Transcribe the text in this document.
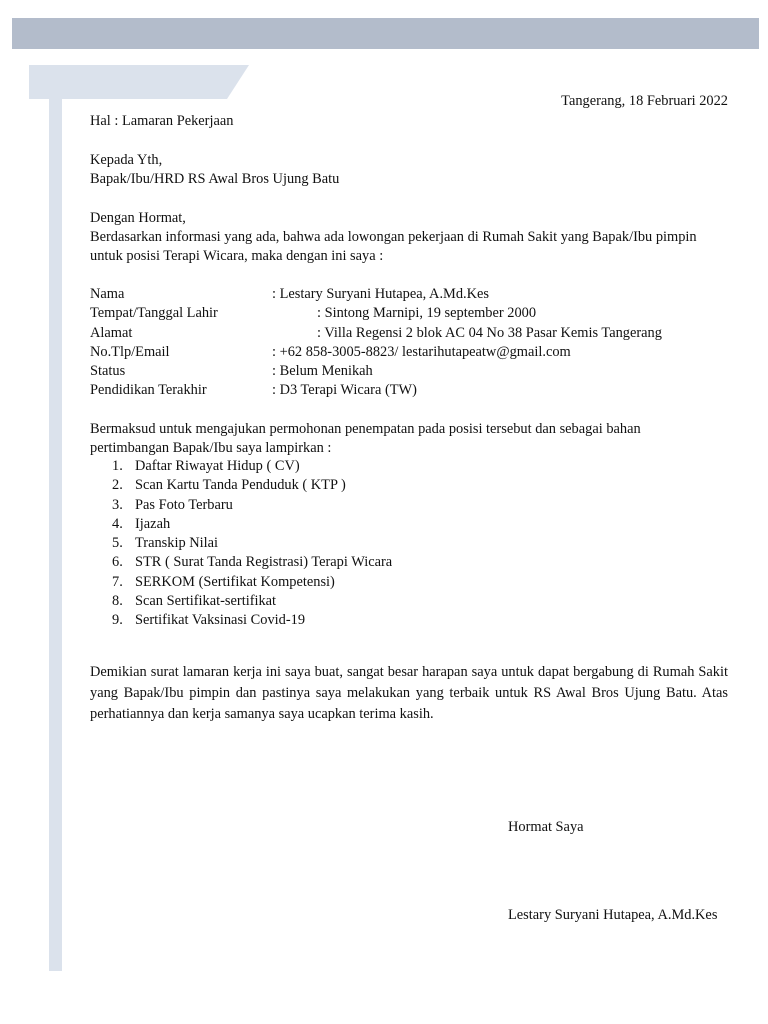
Tangerang, 18 Februari 2022
Hal : Lamaran Pekerjaan
Kepada Yth,
Bapak/Ibu/HRD RS Awal Bros Ujung Batu
Dengan Hormat,
Berdasarkan informasi yang ada, bahwa ada lowongan pekerjaan di Rumah Sakit yang Bapak/Ibu pimpin
untuk posisi Terapi Wicara, maka dengan ini saya :
Nama	: Lestary Suryani Hutapea, A.Md.Kes
Tempat/Tanggal Lahir	: Sintong Marnipi, 19 september 2000
Alamat	: Villa Regensi 2 blok AC 04 No 38 Pasar Kemis Tangerang
No.Tlp/Email	: +62 858-3005-8823/ lestarihutapeatw@gmail.com
Status	: Belum Menikah
Pendidikan Terakhir	: D3 Terapi Wicara (TW)
Bermaksud untuk mengajukan permohonan penempatan pada posisi tersebut dan sebagai bahan
pertimbangan Bapak/Ibu saya lampirkan :
1. Daftar Riwayat Hidup ( CV)
2. Scan Kartu Tanda Penduduk ( KTP )
3. Pas Foto Terbaru
4. Ijazah
5. Transkip Nilai
6. STR ( Surat Tanda Registrasi) Terapi Wicara
7. SERKOM (Sertifikat Kompetensi)
8. Scan Sertifikat-sertifikat
9. Sertifikat Vaksinasi Covid-19

Demikian surat lamaran kerja ini saya buat, sangat besar harapan saya untuk dapat bergabung di Rumah Sakit yang Bapak/Ibu pimpin dan pastinya saya melakukan yang terbaik untuk RS Awal Bros Ujung Batu. Atas perhatiannya dan kerja samanya saya ucapkan terima kasih.

Hormat Saya
Lestary Suryani Hutapea, A.Md.Kes
